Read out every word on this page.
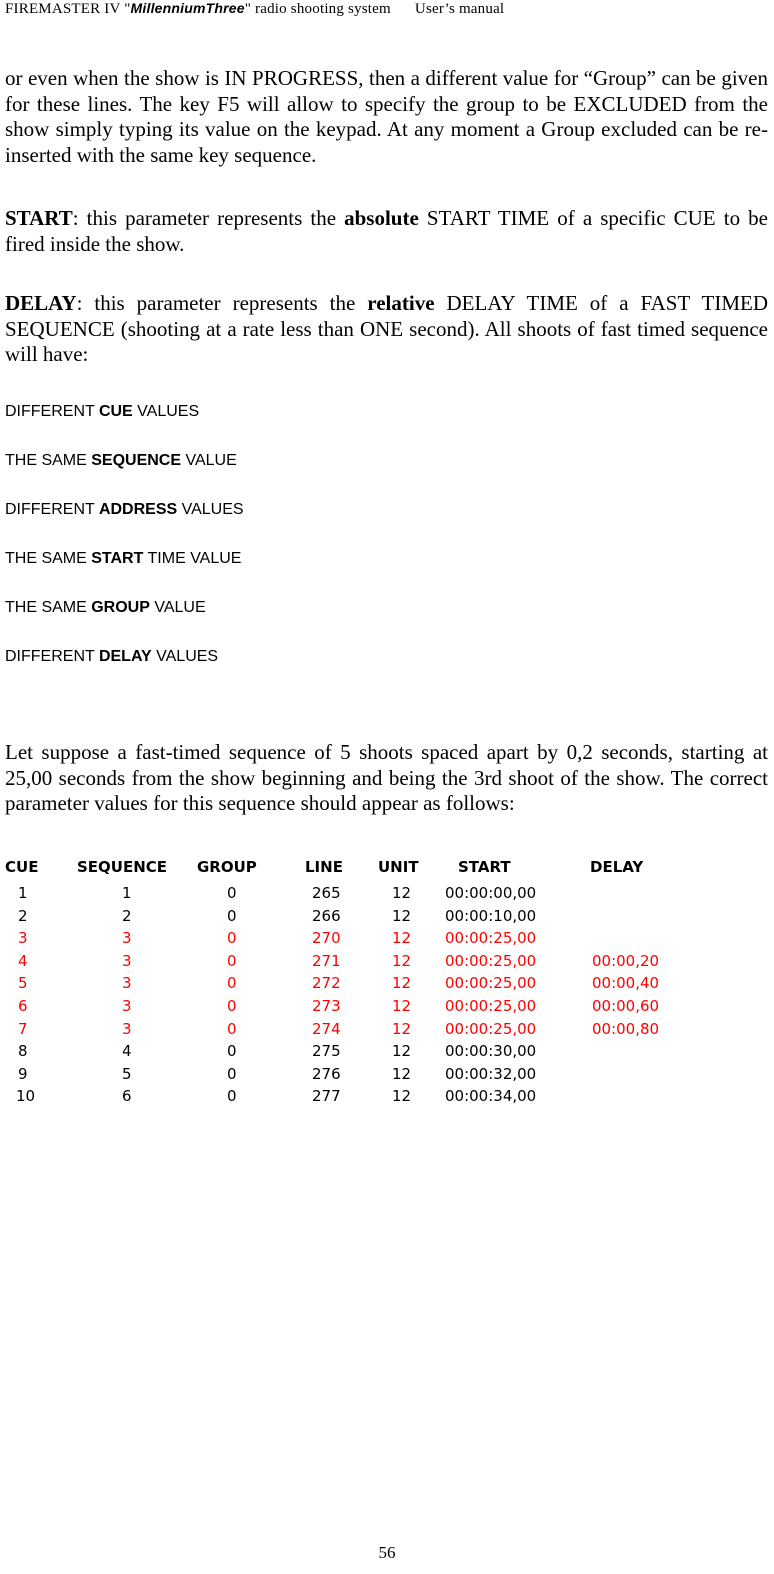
FIREMASTER IV "MillenniumThree" radio shooting system User’s manual
or even when the show is IN PROGRESS, then a different value for “Group” can be given for these lines. The key F5 will allow to specify the group to be EXCLUDED from the show simply typing its value on the keypad. At any moment a Group excluded can be re-inserted with the same key sequence.
START: this parameter represents the absolute START TIME of a specific CUE to be fired inside the show.
DELAY: this parameter represents the relative DELAY TIME of a FAST TIMED SEQUENCE (shooting at a rate less than ONE second). All shoots of fast timed sequence will have:
DIFFERENT CUE VALUES
THE SAME SEQUENCE VALUE
DIFFERENT ADDRESS VALUES
THE SAME START TIME VALUE
THE SAME GROUP VALUE
DIFFERENT DELAY VALUES
Let suppose a fast-timed sequence of 5 shoots spaced apart by 0,2 seconds, starting at 25,00 seconds from the show beginning and being the 3rd shoot of the show. The correct parameter values for this sequence should appear as follows:
CUE	SEQUENCE GROUP	LINE UNIT	START	DELAY
1	1	0	265	12 00:00:00,00
2	2	0	266	12 00:00:10,00
3	3	0	270	12 00:00:25,00
4	3	0	271	12 00:00:25,00	00:00,20
5	3	0	272	12 00:00:25,00	00:00,40
6	3	0	273	12 00:00:25,00	00:00,60
7	3	0	274	12 00:00:25,00	00:00,80
8	4	0	275	12 00:00:30,00
9	5	0	276	12 00:00:32,00
10	6	0	277	12 00:00:34,00
56
